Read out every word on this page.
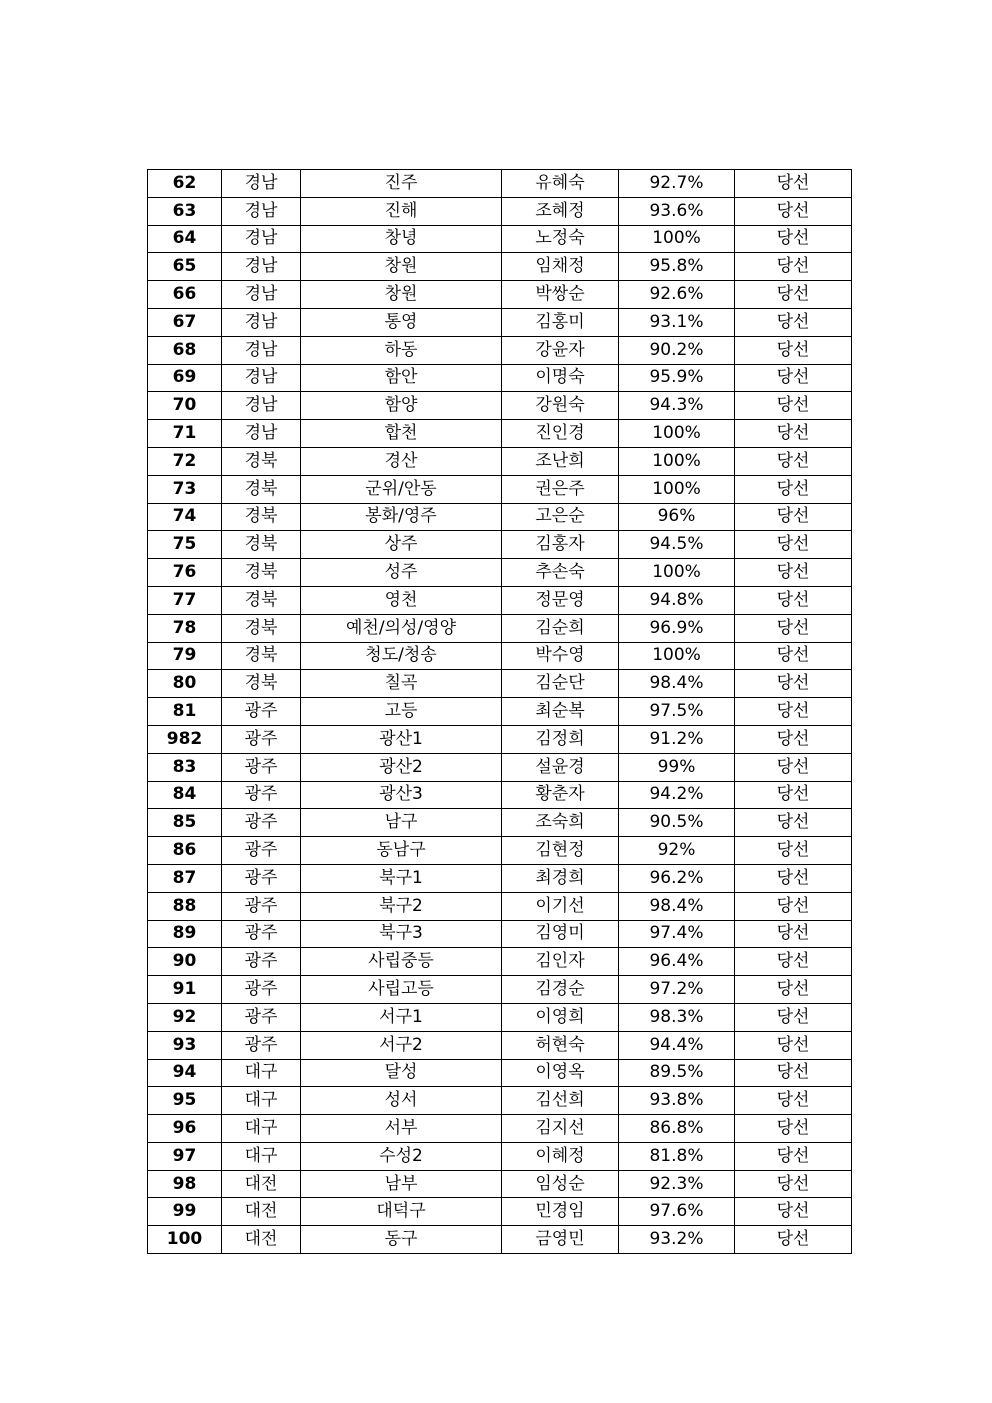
62	경남	진주	유혜숙	92.7%	당선
63	경남	진해	조혜정	93.6%	당선
64	경남	창녕	노정숙	100%	당선
65	경남	창원	임채정	95.8%	당선
66	경남	창원	박쌍순	92.6%	당선
67	경남	통영	김홍미	93.1%	당선
68	경남	하동	강윤자	90.2%	당선
69	경남	함안	이명숙	95.9%	당선
70	경남	함양	강원숙	94.3%	당선
71	경남	합천	진인경	100%	당선
72	경북	경산	조난희	100%	당선
73	경북	군위/안동	권은주	100%	당선
74	경북	봉화/영주	고은순	96%	당선
75	경북	상주	김홍자	94.5%	당선
76	경북	성주	추손숙	100%	당선
77	경북	영천	정문영	94.8%	당선
78	경북	예천/의성/영양	김순희	96.9%	당선
79	경북	청도/청송	박수영	100%	당선
80	경북	칠곡	김순단	98.4%	당선
81	광주	고등	최순복	97.5%	당선
982	광주	광산1	김정희	91.2%	당선
83	광주	광산2	설윤경	99%	당선
84	광주	광산3	황춘자	94.2%	당선
85	광주	남구	조숙희	90.5%	당선
86	광주	동남구	김현정	92%	당선
87	광주	북구1	최경희	96.2%	당선
88	광주	북구2	이기선	98.4%	당선
89	광주	북구3	김영미	97.4%	당선
90	광주	사립중등	김인자	96.4%	당선
91	광주	사립고등	김경순	97.2%	당선
92	광주	서구1	이영희	98.3%	당선
93	광주	서구2	허현숙	94.4%	당선
94	대구	달성	이영옥	89.5%	당선
95	대구	성서	김선희	93.8%	당선
96	대구	서부	김지선	86.8%	당선
97	대구	수성2	이혜정	81.8%	당선
98	대전	남부	임성순	92.3%	당선
99	대전	대덕구	민경임	97.6%	당선
100	대전	동구	금영민	93.2%	당선
